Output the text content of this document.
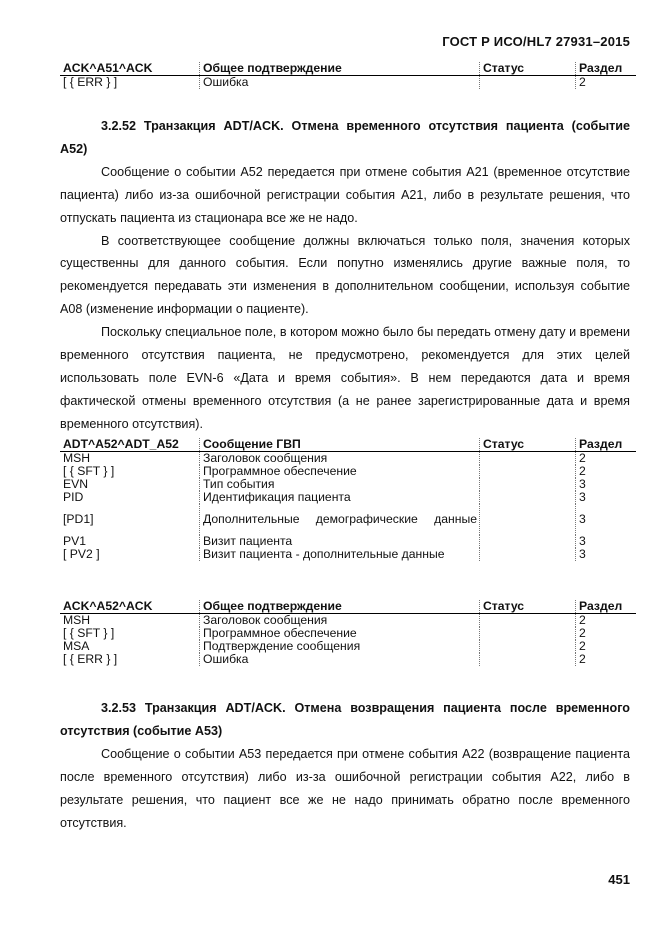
ГОСТ Р ИСО/HL7 27931–2015
ACK^A51^ACK	Общее подтверждение	Статус	Раздел
[ { ERR } ]	Ошибка		2

3.2.52 Транзакция ADT/ACK. Отмена временного отсутствия пациента (событие A52)

Сообщение о событии A52 передается при отмене события A21 (временное отсутствие пациента) либо из-за ошибочной регистрации события A21, либо в результате решения, что отпускать пациента из стационара все же не надо.

В соответствующее сообщение должны включаться только поля, значения которых существенны для данного события. Если попутно изменялись другие важные поля, то рекомендуется передавать эти изменения в дополнительном сообщении, используя событие A08 (изменение информации о пациенте).

Поскольку специальное поле, в котором можно было бы передать отмену дату и времени временного отсутствия пациента, не предусмотрено, рекомендуется для этих целей использовать поле EVN-6 «Дата и время события». В нем передаются дата и время фактической отмены временного отсутствия (а не ранее зарегистрированные дата и время временного отсутствия).

ADT^A52^ADT_A52	Сообщение ГВП	Статус	Раздел
MSH	Заголовок сообщения		2
[ { SFT } ]	Программное обеспечение		2
EVN	Тип события		3
PID	Идентификация пациента		3
[PD1]	Дополнительные демографические данные		3
PV1	Визит пациента		3
[ PV2 ]	Визит пациента - дополнительные данные		3
ACK^A52^ACK	Общее подтверждение	Статус	Раздел
MSH	Заголовок сообщения		2
[ { SFT } ]	Программное обеспечение		2
MSA	Подтверждение сообщения		2
[ { ERR } ]	Ошибка		2

3.2.53 Транзакция ADT/ACK. Отмена возвращения пациента после временного отсутствия (событие A53)

Сообщение о событии A53 передается при отмене события A22 (возвращение пациента после временного отсутствия) либо из-за ошибочной регистрации события A22, либо в результате решения, что пациент все же не надо принимать обратно после временного отсутствия.

451
